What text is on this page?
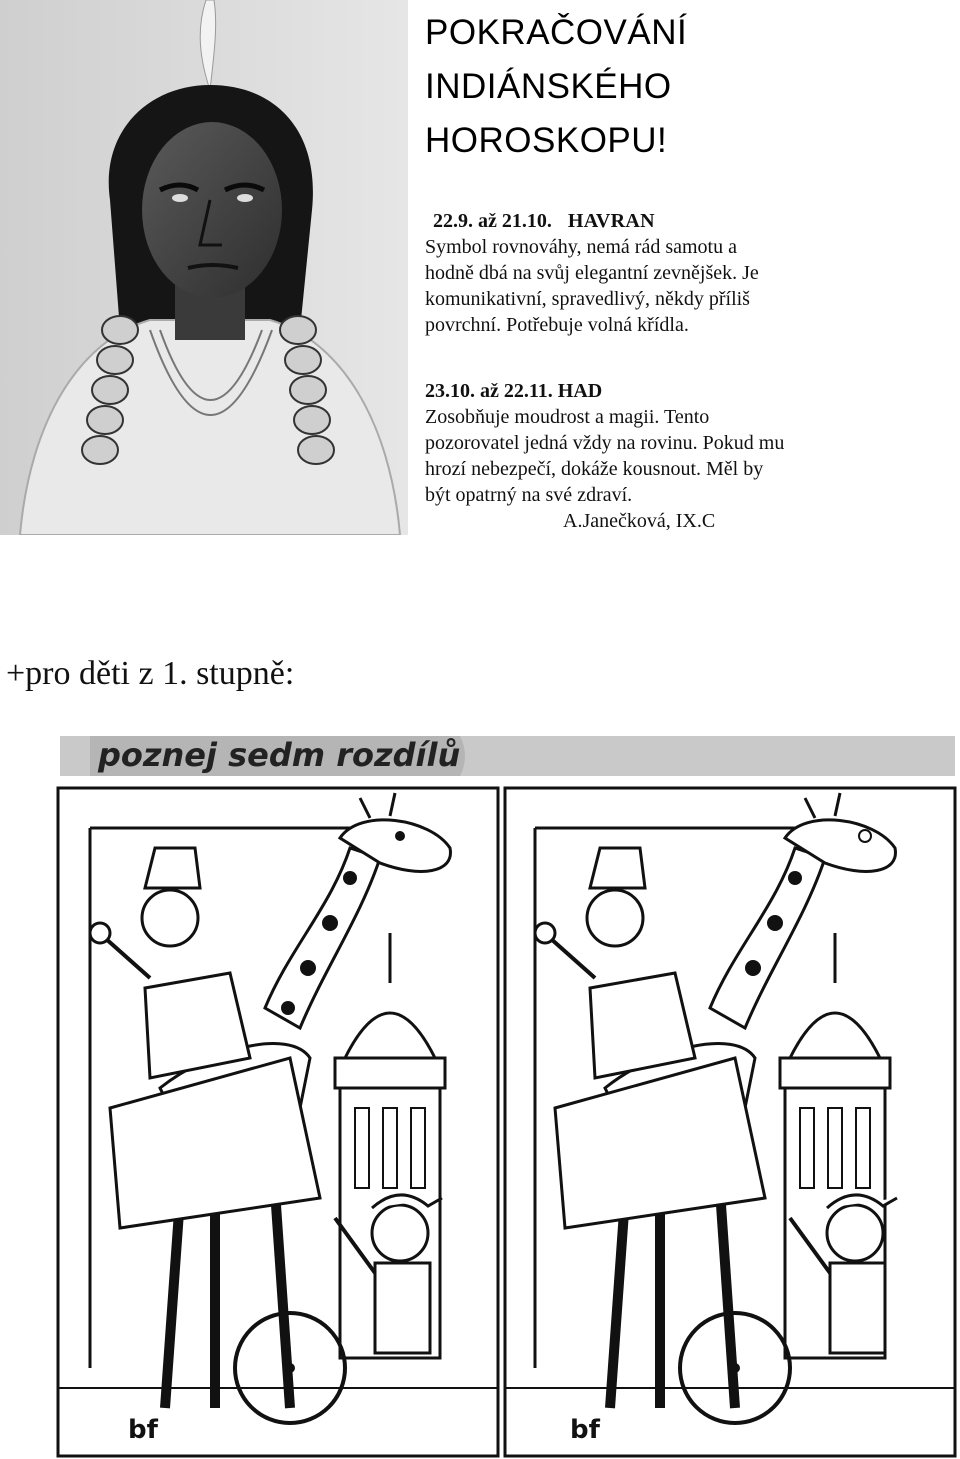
POKRAČOVÁNÍ
INDIÁNSKÉHO
HOROSKOPU!
22.9. až 21.10. HAVRAN
Symbol rovnováhy, nemá rád samotu a
hodně dbá na svůj elegantní zevnějšek. Je
komunikativní, spravedlivý, někdy příliš
povrchní. Potřebuje volná křídla.
23.10. až 22.11. HAD
Zosobňuje moudrost a magii. Tento
pozorovatel jedná vždy na rovinu. Pokud mu
hrozí nebezpečí, dokáže kousnout. Měl by
být opatrný na své zdraví.
A.Janečková, IX.C
+pro děti z 1. stupně:
poznej sedm rozdílů
bf	bf
